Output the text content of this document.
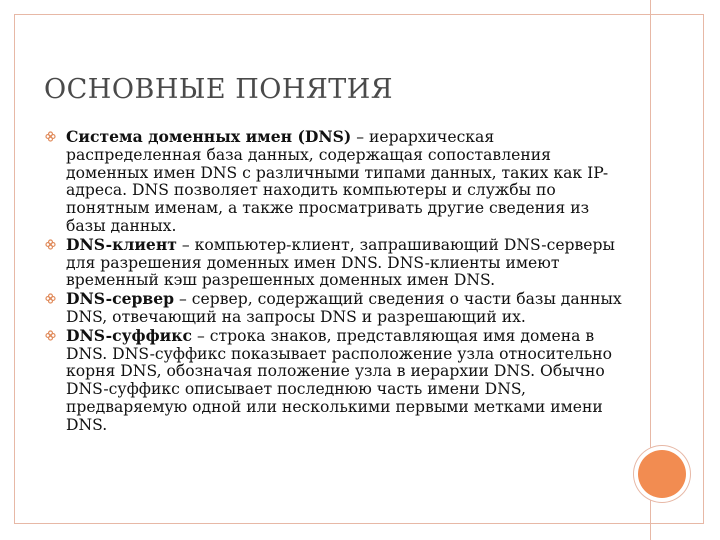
ОСНОВНЫЕ ПОНЯТИЯ
Система доменных имен (DNS) – иерархическая распределенная база данных, содержащая сопоставления доменных имен DNS с различными типами данных, таких как IP-адреса. DNS позволяет находить компьютеры и службы по понятным именам, а также просматривать другие сведения из базы данных.
DNS-клиент – компьютер-клиент, запрашивающий DNS-серверы для разрешения доменных имен DNS. DNS-клиенты имеют временный кэш разрешенных доменных имен DNS.
DNS-сервер – сервер, содержащий сведения о части базы данных DNS, отвечающий на запросы DNS и разрешающий их.
DNS-суффикс – строка знаков, представляющая имя домена в DNS. DNS-суффикс показывает расположение узла относительно корня DNS, обозначая положение узла в иерархии DNS. Обычно DNS-суффикс описывает последнюю часть имени DNS, предваряемую одной или несколькими первыми метками имени DNS.
